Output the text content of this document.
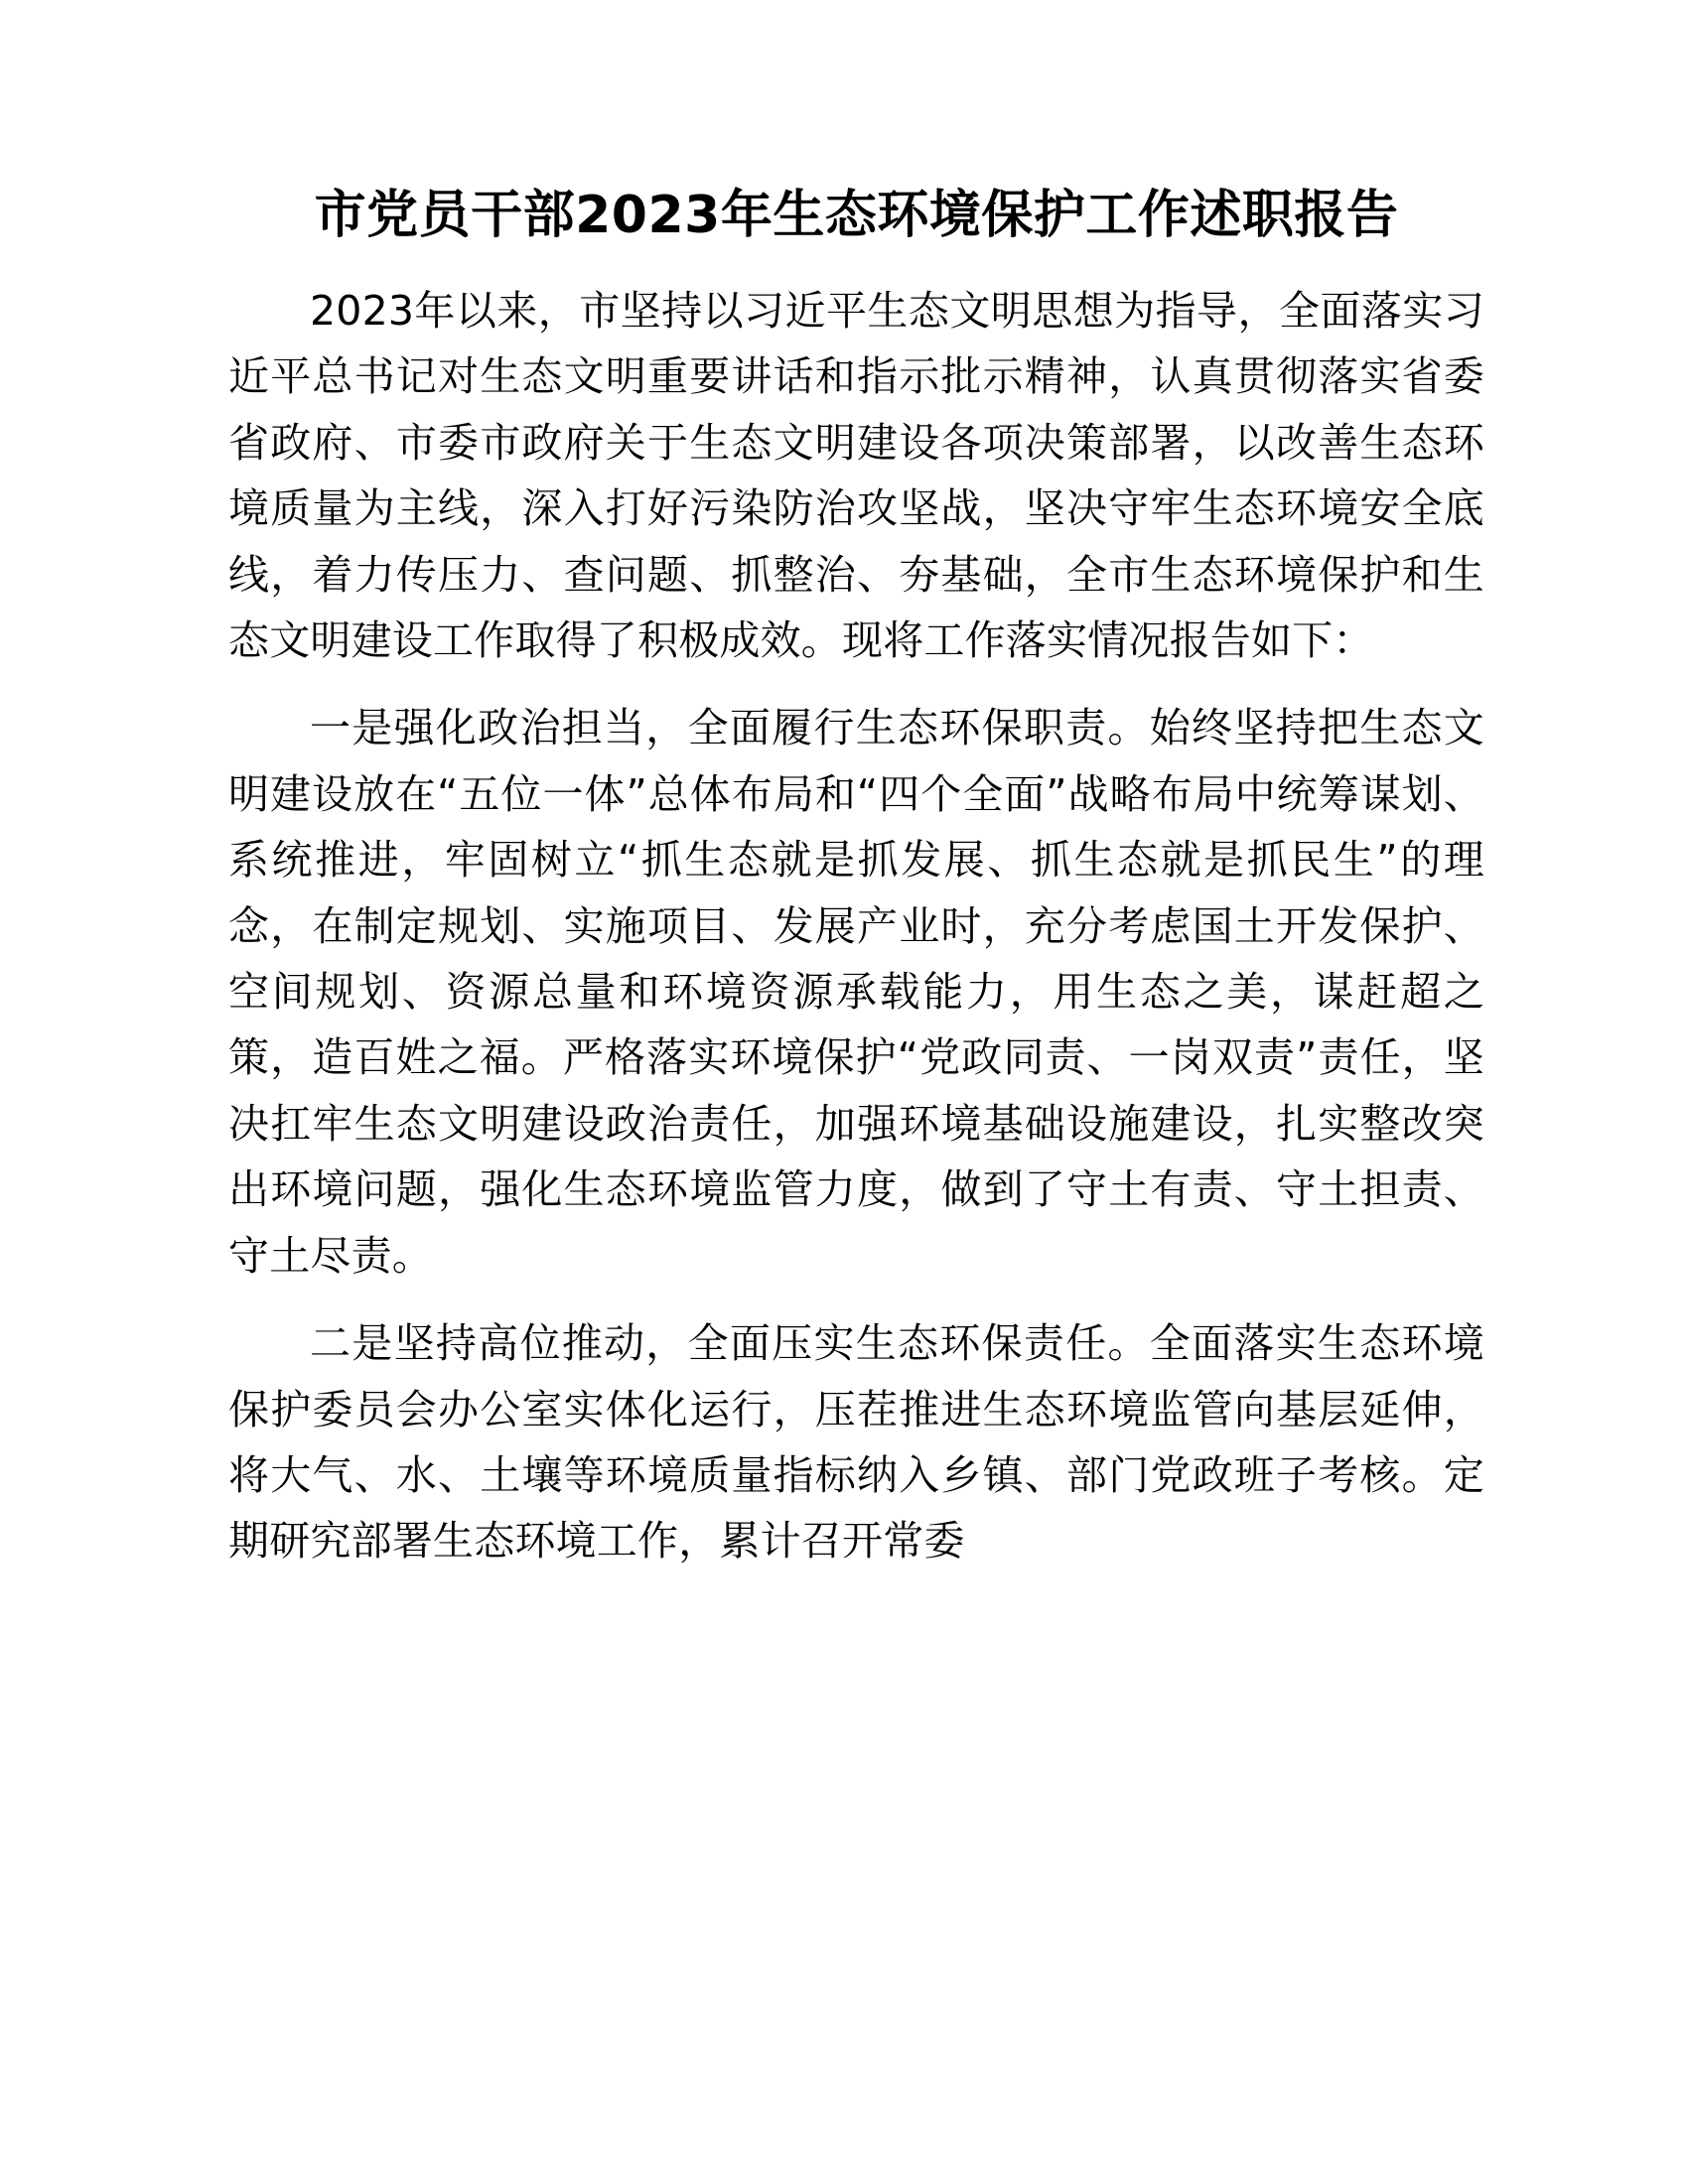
市党员干部2023年生态环境保护工作述职报告

2023年以来，市坚持以习近平生态文明思想为指导，全面落实习近平总书记对生态文明重要讲话和指示批示精神，认真贯彻落实省委省政府、市委市政府关于生态文明建设各项决策部署，以改善生态环境质量为主线，深入打好污染防治攻坚战，坚决守牢生态环境安全底线，着力传压力、查问题、抓整治、夯基础，全市生态环境保护和生态文明建设工作取得了积极成效。现将工作落实情况报告如下：

一是强化政治担当，全面履行生态环保职责。始终坚持把生态文明建设放在“五位一体”总体布局和“四个全面”战略布局中统筹谋划、系统推进，牢固树立“抓生态就是抓发展、抓生态就是抓民生”的理念，在制定规划、实施项目、发展产业时，充分考虑国土开发保护、空间规划、资源总量和环境资源承载能力，用生态之美，谋赶超之策，造百姓之福。严格落实环境保护“党政同责、一岗双责”责任，坚决扛牢生态文明建设政治责任，加强环境基础设施建设，扎实整改突出环境问题，强化生态环境监管力度，做到了守土有责、守土担责、守土尽责。

二是坚持高位推动，全面压实生态环保责任。全面落实生态环境保护委员会办公室实体化运行，压茬推进生态环境监管向基层延伸，将大气、水、土壤等环境质量指标纳入乡镇、部门党政班子考核。定期研究部署生态环境工作，累计召开常委
